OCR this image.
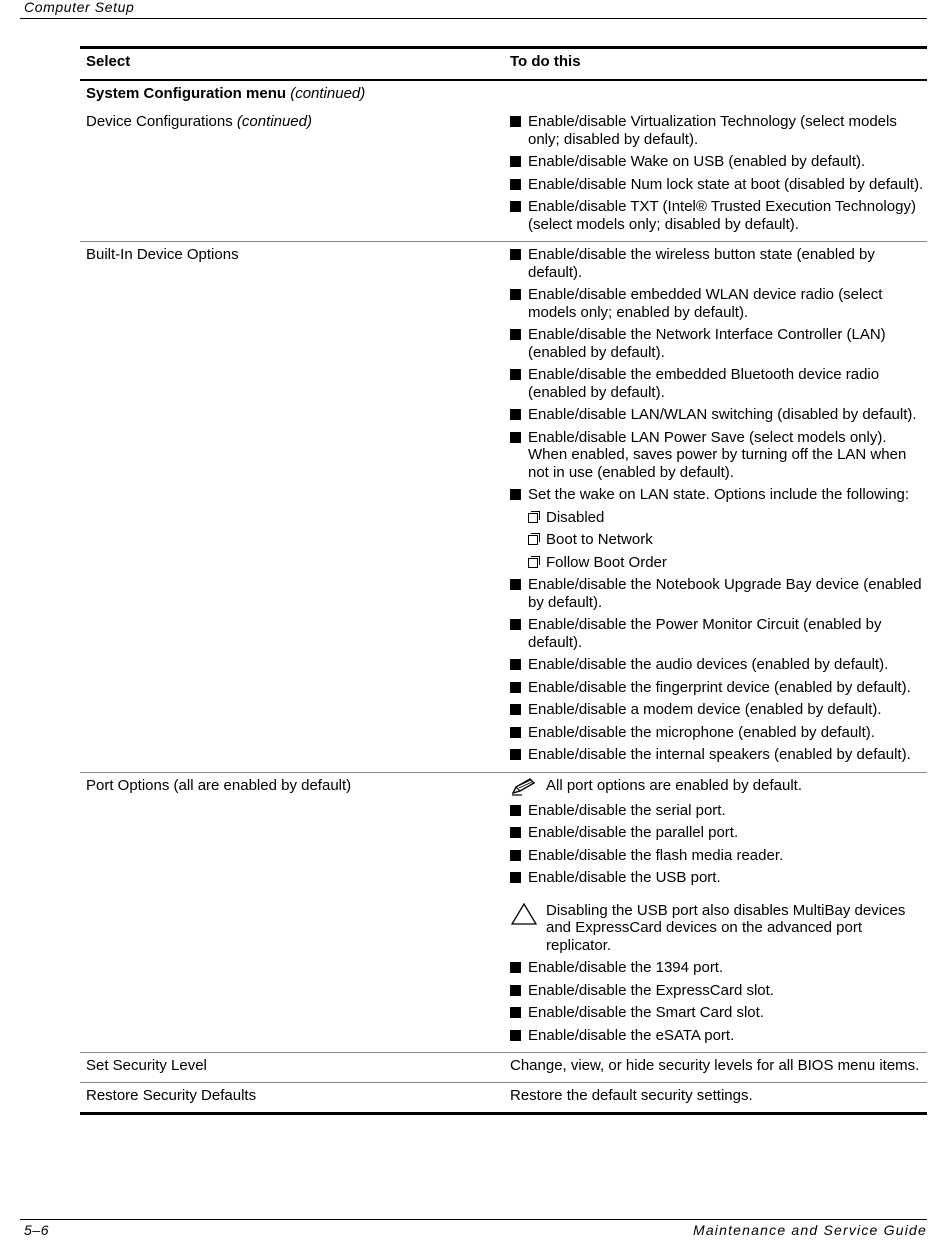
Computer Setup
Select	To do this
System Configuration menu (continued)
Device Configurations (continued)	Enable/disable Virtualization Technology (select models only; disabled by default).
Enable/disable Wake on USB (enabled by default).
Enable/disable Num lock state at boot (disabled by default).
Enable/disable TXT (Intel® Trusted Execution Technology) (select models only; disabled by default).
Built-In Device Options	Enable/disable the wireless button state (enabled by default).
Enable/disable embedded WLAN device radio (select models only; enabled by default).
Enable/disable the Network Interface Controller (LAN) (enabled by default).
Enable/disable the embedded Bluetooth device radio (enabled by default).
Enable/disable LAN/WLAN switching (disabled by default).
Enable/disable LAN Power Save (select models only). When enabled, saves power by turning off the LAN when not in use (enabled by default).
Set the wake on LAN state. Options include the following:
Disabled
Boot to Network
Follow Boot Order
Enable/disable the Notebook Upgrade Bay device (enabled by default).
Enable/disable the Power Monitor Circuit (enabled by default).
Enable/disable the audio devices (enabled by default).
Enable/disable the fingerprint device (enabled by default).
Enable/disable a modem device (enabled by default).
Enable/disable the microphone (enabled by default).
Enable/disable the internal speakers (enabled by default).
Port Options (all are enabled by default)	All port options are enabled by default.
Enable/disable the serial port.
Enable/disable the parallel port.
Enable/disable the flash media reader.
Enable/disable the USB port.
Disabling the USB port also disables MultiBay devices and ExpressCard devices on the advanced port replicator.
Enable/disable the 1394 port.
Enable/disable the ExpressCard slot.
Enable/disable the Smart Card slot.
Enable/disable the eSATA port.
Set Security Level	Change, view, or hide security levels for all BIOS menu items.
Restore Security Defaults	Restore the default security settings.
5–6	Maintenance and Service Guide
